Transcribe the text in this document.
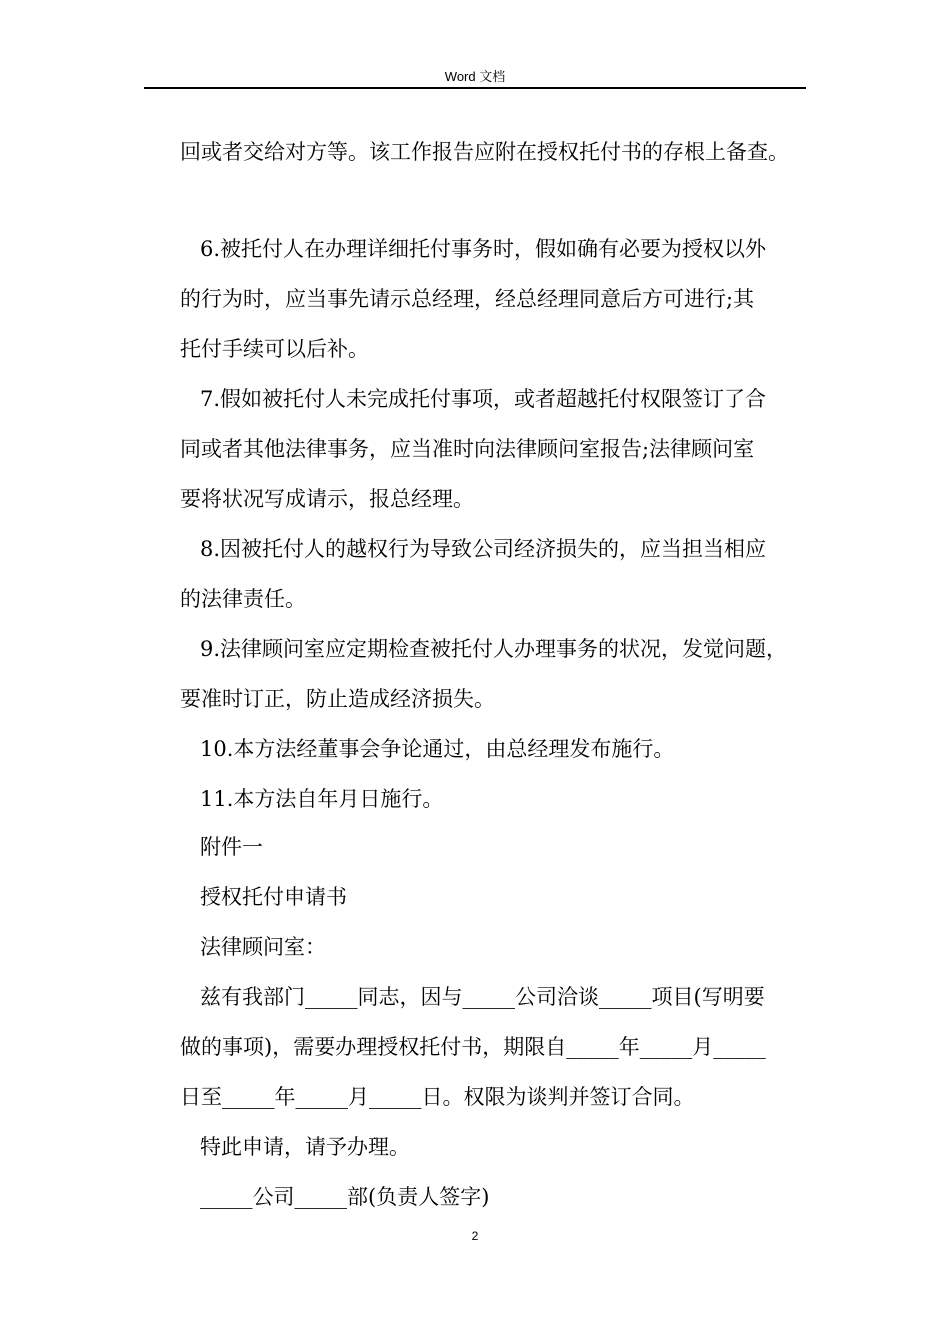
Word 文档
回或者交给对方等。该工作报告应附在授权托付书的存根上备查。
6.被托付人在办理详细托付事务时，假如确有必要为授权以外
的行为时，应当事先请示总经理，经总经理同意后方可进行;其
托付手续可以后补。
7.假如被托付人未完成托付事项，或者超越托付权限签订了合
同或者其他法律事务，应当准时向法律顾问室报告;法律顾问室
要将状况写成请示，报总经理。
8.因被托付人的越权行为导致公司经济损失的，应当担当相应
的法律责任。
9.法律顾问室应定期检查被托付人办理事务的状况，发觉问题，
要准时订正，防止造成经济损失。
10.本方法经董事会争论通过，由总经理发布施行。
11.本方法自年月日施行。
附件一
授权托付申请书
法律顾问室：
兹有我部门_____同志，因与_____公司洽谈_____项目(写明要
做的事项)，需要办理授权托付书，期限自_____年_____月_____
日至_____年_____月_____日。权限为谈判并签订合同。
特此申请，请予办理。
_____公司_____部(负责人签字)
2
